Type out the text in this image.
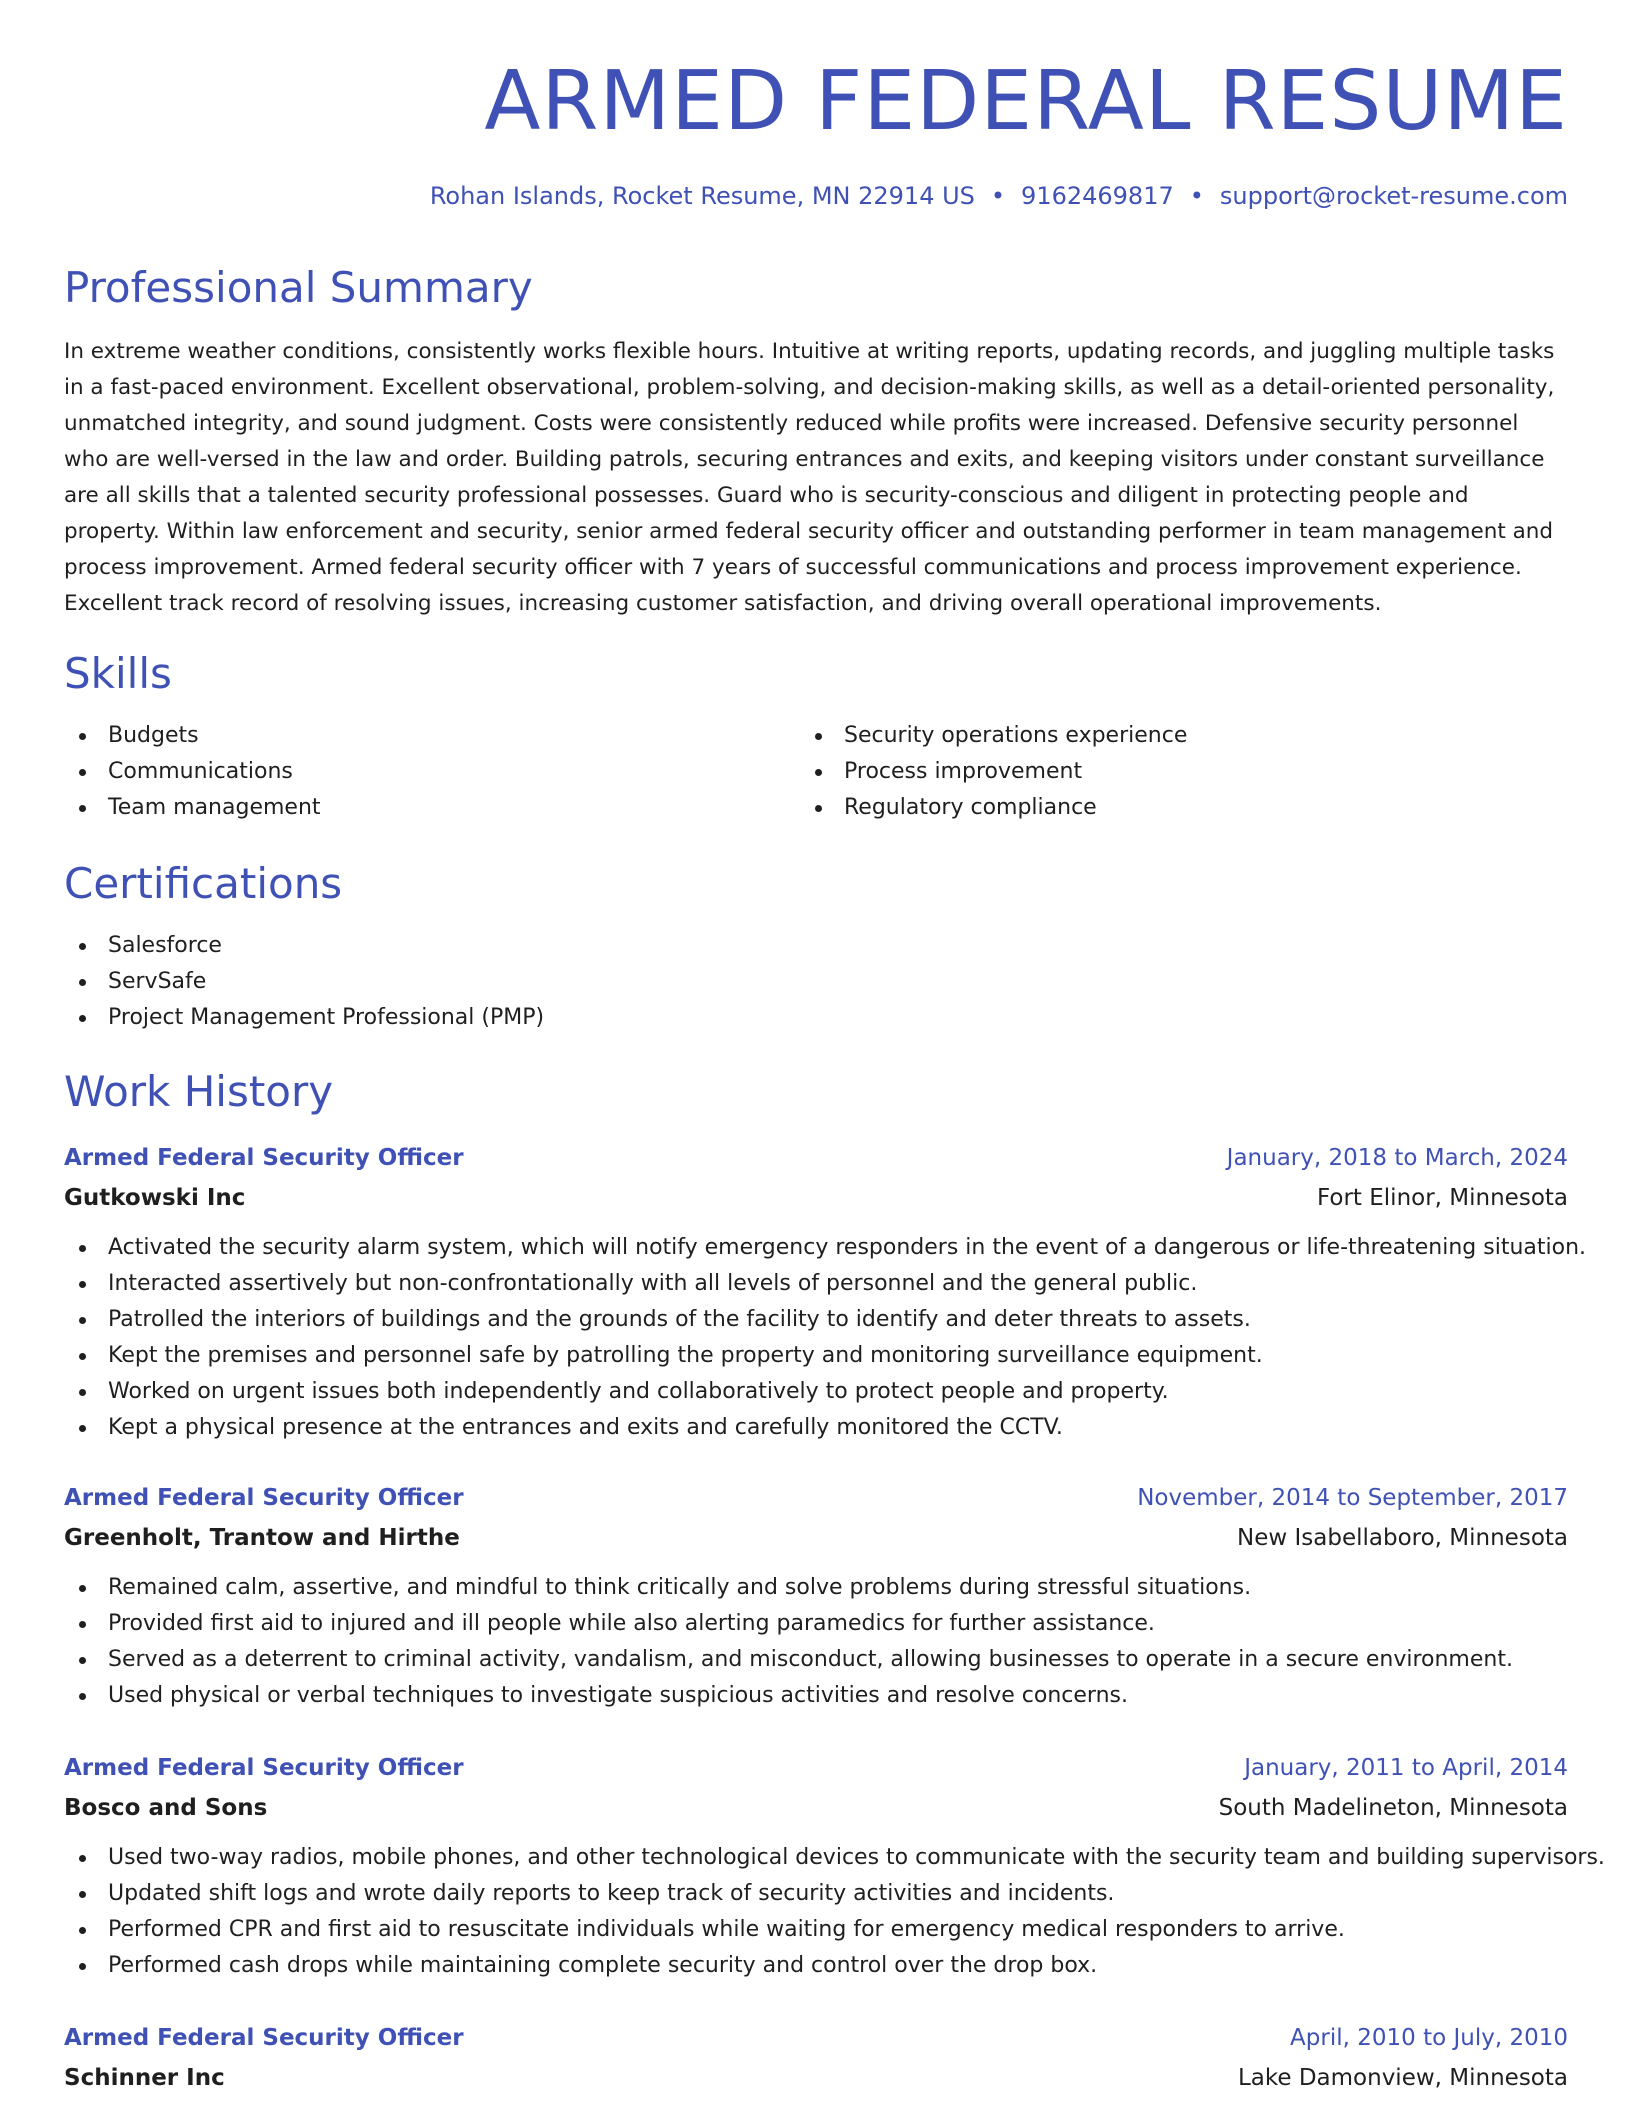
ARMED FEDERAL RESUME
Rohan Islands, Rocket Resume, MN 22914 US • 9162469817 • support@rocket-resume.com
Professional Summary

In extreme weather conditions, consistently works flexible hours. Intuitive at writing reports, updating records, and juggling multiple tasks in a fast-paced environment. Excellent observational, problem-solving, and decision-making skills, as well as a detail-oriented personality, unmatched integrity, and sound judgment. Costs were consistently reduced while profits were increased. Defensive security personnel who are well-versed in the law and order. Building patrols, securing entrances and exits, and keeping visitors under constant surveillance are all skills that a talented security professional possesses. Guard who is security-conscious and diligent in protecting people and property. Within law enforcement and security, senior armed federal security officer and outstanding performer in team management and process improvement. Armed federal security officer with 7 years of successful communications and process improvement experience. Excellent track record of resolving issues, increasing customer satisfaction, and driving overall operational improvements.

Skills
Budgets
Communications
Team management
Security operations experience
Process improvement
Regulatory compliance
Certifications
Salesforce
ServSafe
Project Management Professional (PMP)
Work History
Armed Federal Security Officer	January, 2018 to March, 2024
Gutkowski Inc	Fort Elinor, Minnesota
Activated the security alarm system, which will notify emergency responders in the event of a dangerous or life-threatening situation.
Interacted assertively but non-confrontationally with all levels of personnel and the general public.
Patrolled the interiors of buildings and the grounds of the facility to identify and deter threats to assets.
Kept the premises and personnel safe by patrolling the property and monitoring surveillance equipment.
Worked on urgent issues both independently and collaboratively to protect people and property.
Kept a physical presence at the entrances and exits and carefully monitored the CCTV.
Armed Federal Security Officer	November, 2014 to September, 2017
Greenholt, Trantow and Hirthe	New Isabellaboro, Minnesota
Remained calm, assertive, and mindful to think critically and solve problems during stressful situations.
Provided first aid to injured and ill people while also alerting paramedics for further assistance.
Served as a deterrent to criminal activity, vandalism, and misconduct, allowing businesses to operate in a secure environment.
Used physical or verbal techniques to investigate suspicious activities and resolve concerns.
Armed Federal Security Officer	January, 2011 to April, 2014
Bosco and Sons	South Madelineton, Minnesota
Used two-way radios, mobile phones, and other technological devices to communicate with the security team and building supervisors.
Updated shift logs and wrote daily reports to keep track of security activities and incidents.
Performed CPR and first aid to resuscitate individuals while waiting for emergency medical responders to arrive.
Performed cash drops while maintaining complete security and control over the drop box.
Armed Federal Security Officer	April, 2010 to July, 2010
Schinner Inc	Lake Damonview, Minnesota
